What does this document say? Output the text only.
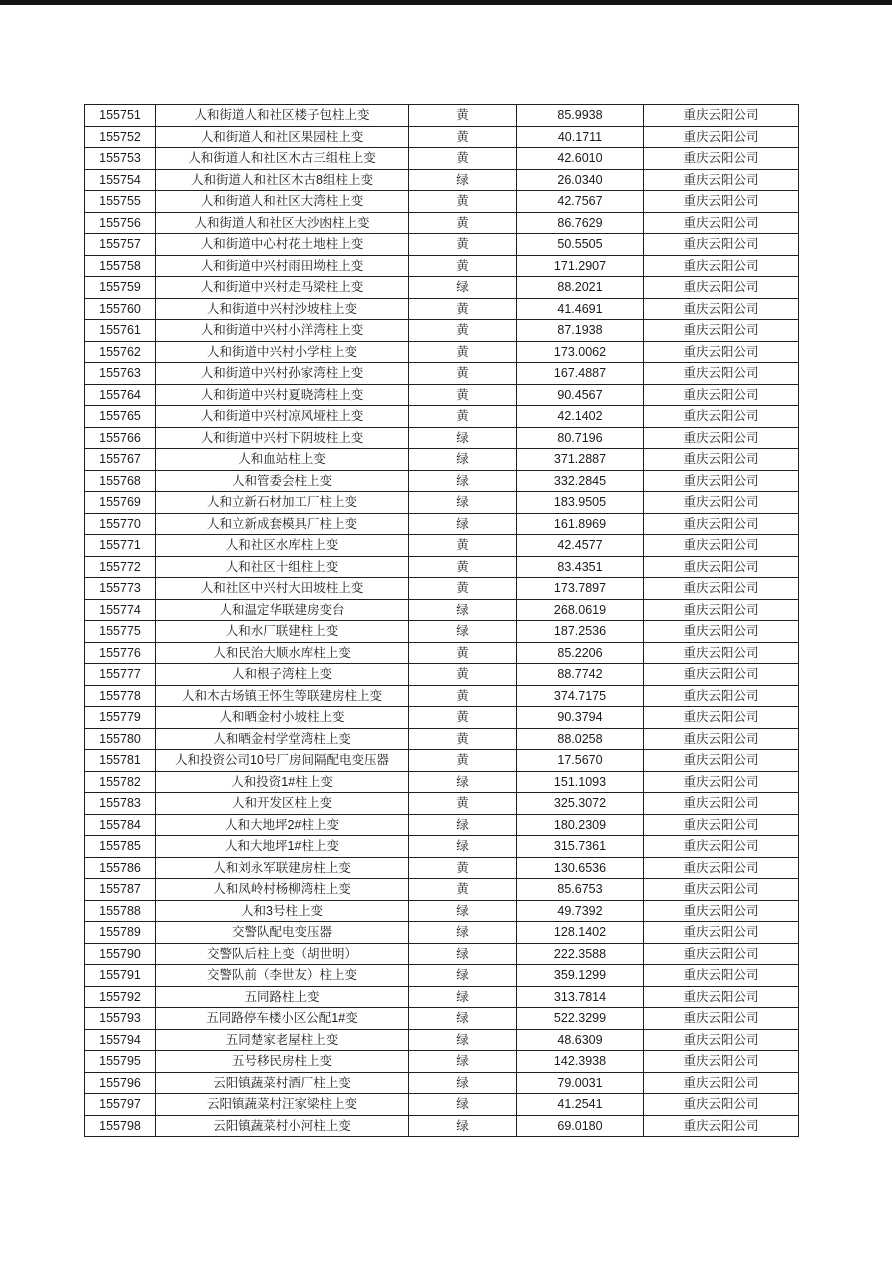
155751	人和街道人和社区楼子包柱上变	黄	85.9938	重庆云阳公司
155752	人和街道人和社区果园柱上变	黄	40.1711	重庆云阳公司
155753	人和街道人和社区木古三组柱上变	黄	42.6010	重庆云阳公司
155754	人和街道人和社区木古8组柱上变	绿	26.0340	重庆云阳公司
155755	人和街道人和社区大湾柱上变	黄	42.7567	重庆云阳公司
155756	人和街道人和社区大沙凼柱上变	黄	86.7629	重庆云阳公司
155757	人和街道中心村花土地柱上变	黄	50.5505	重庆云阳公司
155758	人和街道中兴村雨田坳柱上变	黄	171.2907	重庆云阳公司
155759	人和街道中兴村走马梁柱上变	绿	88.2021	重庆云阳公司
155760	人和街道中兴村沙坡柱上变	黄	41.4691	重庆云阳公司
155761	人和街道中兴村小洋湾柱上变	黄	87.1938	重庆云阳公司
155762	人和街道中兴村小学柱上变	黄	173.0062	重庆云阳公司
155763	人和街道中兴村孙家湾柱上变	黄	167.4887	重庆云阳公司
155764	人和街道中兴村夏晓湾柱上变	黄	90.4567	重庆云阳公司
155765	人和街道中兴村凉风垭柱上变	黄	42.1402	重庆云阳公司
155766	人和街道中兴村下阴坡柱上变	绿	80.7196	重庆云阳公司
155767	人和血站柱上变	绿	371.2887	重庆云阳公司
155768	人和管委会柱上变	绿	332.2845	重庆云阳公司
155769	人和立新石材加工厂柱上变	绿	183.9505	重庆云阳公司
155770	人和立新成套模具厂柱上变	绿	161.8969	重庆云阳公司
155771	人和社区水库柱上变	黄	42.4577	重庆云阳公司
155772	人和社区十组柱上变	黄	83.4351	重庆云阳公司
155773	人和社区中兴村大田坡柱上变	黄	173.7897	重庆云阳公司
155774	人和温定华联建房变台	绿	268.0619	重庆云阳公司
155775	人和水厂联建柱上变	绿	187.2536	重庆云阳公司
155776	人和民治大顺水库柱上变	黄	85.2206	重庆云阳公司
155777	人和根子湾柱上变	黄	88.7742	重庆云阳公司
155778	人和木古场镇王怀生等联建房柱上变	黄	374.7175	重庆云阳公司
155779	人和晒金村小坡柱上变	黄	90.3794	重庆云阳公司
155780	人和晒金村学堂湾柱上变	黄	88.0258	重庆云阳公司
155781	人和投资公司10号厂房间隔配电变压器	黄	17.5670	重庆云阳公司
155782	人和投资1#柱上变	绿	151.1093	重庆云阳公司
155783	人和开发区柱上变	黄	325.3072	重庆云阳公司
155784	人和大地坪2#柱上变	绿	180.2309	重庆云阳公司
155785	人和大地坪1#柱上变	绿	315.7361	重庆云阳公司
155786	人和刘永军联建房柱上变	黄	130.6536	重庆云阳公司
155787	人和凤岭村杨柳湾柱上变	黄	85.6753	重庆云阳公司
155788	人和3号柱上变	绿	49.7392	重庆云阳公司
155789	交警队配电变压器	绿	128.1402	重庆云阳公司
155790	交警队后柱上变（胡世明）	绿	222.3588	重庆云阳公司
155791	交警队前（李世友）柱上变	绿	359.1299	重庆云阳公司
155792	五同路柱上变	绿	313.7814	重庆云阳公司
155793	五同路停车楼小区公配1#变	绿	522.3299	重庆云阳公司
155794	五同楚家老屋柱上变	绿	48.6309	重庆云阳公司
155795	五号移民房柱上变	绿	142.3938	重庆云阳公司
155796	云阳镇蔬菜村酒厂柱上变	绿	79.0031	重庆云阳公司
155797	云阳镇蔬菜村汪家梁柱上变	绿	41.2541	重庆云阳公司
155798	云阳镇蔬菜村小河柱上变	绿	69.0180	重庆云阳公司
